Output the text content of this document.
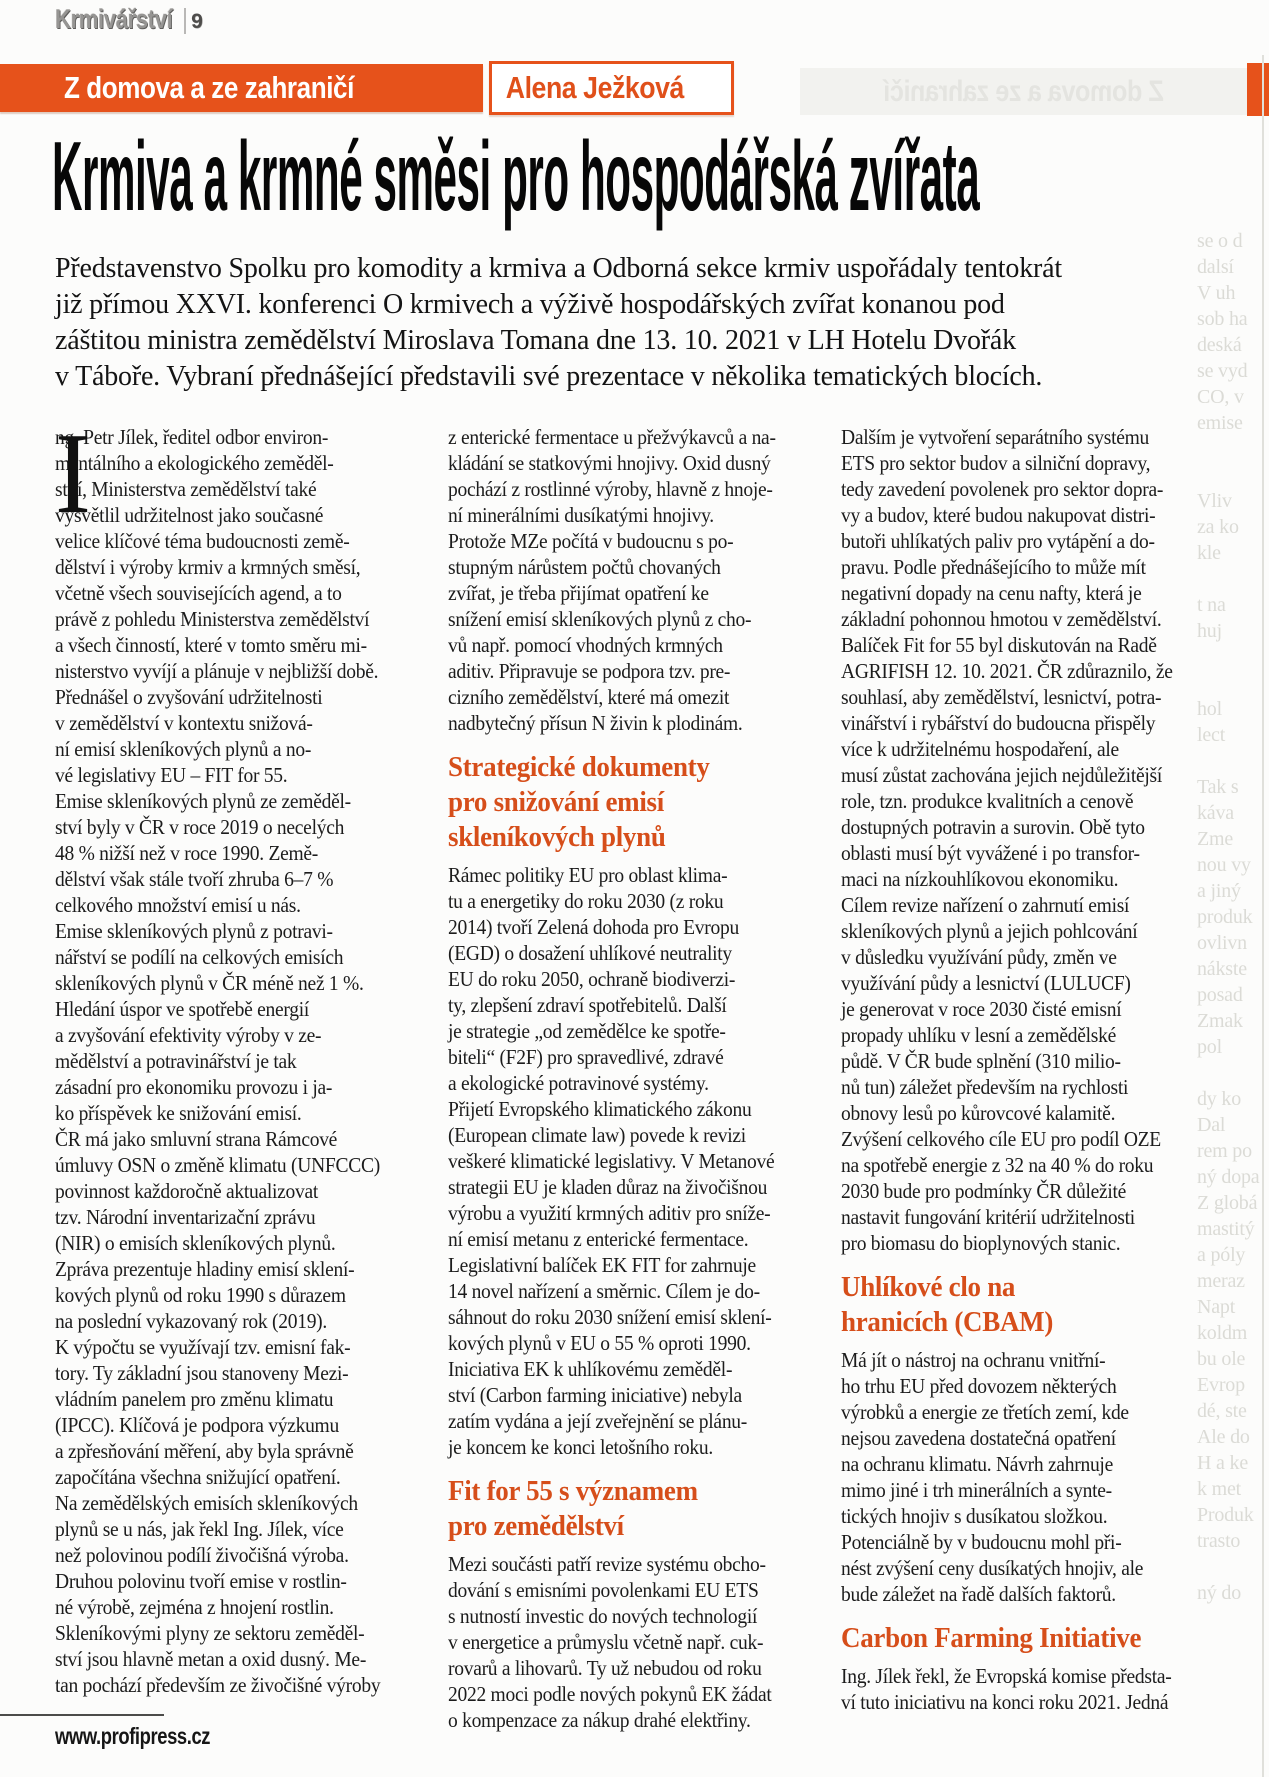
Krmivářství 9
Z domova a ze zahraničí	Alena Ježková	Z domova a ze zahraničí
Krmiva a krmné směsi pro hospodářská zvířata
Představenstvo Spolku pro komodity a krmiva a Odborná sekce krmiv uspořádaly tentokrát
již přímou XXVI. konferenci O krmivech a výživě hospodářských zvířat konanou pod
záštitou ministra zemědělství Miroslava Tomana dne 13. 10. 2021 v LH Hotelu Dvořák
v Táboře. Vybraní přednášející představili své prezentace v několika tematických blocích.
I
ng. Petr Jílek, ředitel odbor environ-
mentálního a ekologického zeměděl-
ství, Ministerstva zemědělství také
vysvětlil udržitelnost jako současné
velice klíčové téma budoucnosti země-
dělství i výroby krmiv a krmných směsí,
včetně všech souvisejících agend, a to
právě z pohledu Ministerstva zemědělství
a všech činností, které v tomto směru mi-
nisterstvo vyvíjí a plánuje v nejbližší době.
Přednášel o zvyšování udržitelnosti
v zemědělství v kontextu snižová-
ní emisí skleníkových plynů a no-
vé legislativy EU – FIT for 55.
Emise skleníkových plynů ze zeměděl-
ství byly v ČR v roce 2019 o necelých
48 % nižší než v roce 1990. Země-
dělství však stále tvoří zhruba 6–7 %
celkového množství emisí u nás.
Emise skleníkových plynů z potravi-
nářství se podílí na celkových emisích
skleníkových plynů v ČR méně než 1 %.
Hledání úspor ve spotřebě energií
a zvyšování efektivity výroby v ze-
mědělství a potravinářství je tak
zásadní pro ekonomiku provozu i ja-
ko příspěvek ke snižování emisí.
ČR má jako smluvní strana Rámcové
úmluvy OSN o změně klimatu (UNFCCC)
povinnost každoročně aktualizovat
tzv. Národní inventarizační zprávu
(NIR) o emisích skleníkových plynů.
Zpráva prezentuje hladiny emisí sklení-
kových plynů od roku 1990 s důrazem
na poslední vykazovaný rok (2019).
K výpočtu se využívají tzv. emisní fak-
tory. Ty základní jsou stanoveny Mezi-
vládním panelem pro změnu klimatu
(IPCC). Klíčová je podpora výzkumu
a zpřesňování měření, aby byla správně
započítána všechna snižující opatření.
Na zemědělských emisích skleníkových
plynů se u nás, jak řekl Ing. Jílek, více
než polovinou podílí živočišná výroba.
Druhou polovinu tvoří emise v rostlin-
né výrobě, zejména z hnojení rostlin.
Skleníkovými plyny ze sektoru zeměděl-
ství jsou hlavně metan a oxid dusný. Me-
tan pochází především ze živočišné výroby
z enterické fermentace u přežvýkavců a na-
kládání se statkovými hnojivy. Oxid dusný
pochází z rostlinné výroby, hlavně z hnoje-
ní minerálními dusíkatými hnojivy.
Protože MZe počítá v budoucnu s po-
stupným nárůstem počtů chovaných
zvířat, je třeba přijímat opatření ke
snížení emisí skleníkových plynů z cho-
vů např. pomocí vhodných krmných
aditiv. Připravuje se podpora tzv. pre-
cizního zemědělství, které má omezit
nadbytečný přísun N živin k plodinám.
Strategické dokumenty
pro snižování emisí
skleníkových plynů
Rámec politiky EU pro oblast klima-
tu a energetiky do roku 2030 (z roku
2014) tvoří Zelená dohoda pro Evropu
(EGD) o dosažení uhlíkové neutrality
EU do roku 2050, ochraně biodiverzi-
ty, zlepšení zdraví spotřebitelů. Další
je strategie „od zemědělce ke spotře-
biteli“ (F2F) pro spravedlivé, zdravé
a ekologické potravinové systémy.
Přijetí Evropského klimatického zákonu
(European climate law) povede k revizi
veškeré klimatické legislativy. V Metanové
strategii EU je kladen důraz na živočišnou
výrobu a využití krmných aditiv pro sníže-
ní emisí metanu z enterické fermentace.
Legislativní balíček EK FIT for zahrnuje
14 novel nařízení a směrnic. Cílem je do-
sáhnout do roku 2030 snížení emisí sklení-
kových plynů v EU o 55 % oproti 1990.
Iniciativa EK k uhlíkovému zeměděl-
ství (Carbon farming iniciative) nebyla
zatím vydána a její zveřejnění se plánu-
je koncem ke konci letošního roku.
Fit for 55 s významem
pro zemědělství
Mezi součásti patří revize systému obcho-
dování s emisními povolenkami EU ETS
s nutností investic do nových technologií
v energetice a průmyslu včetně např. cuk-
rovarů a lihovarů. Ty už nebudou od roku
2022 moci podle nových pokynů EK žádat
o kompenzace za nákup drahé elektřiny.
Dalším je vytvoření separátního systému
ETS pro sektor budov a silniční dopravy,
tedy zavedení povolenek pro sektor dopra-
vy a budov, které budou nakupovat distri-
butoři uhlíkatých paliv pro vytápění a do-
pravu. Podle přednášejícího to může mít
negativní dopady na cenu nafty, která je
základní pohonnou hmotou v zemědělství.
Balíček Fit for 55 byl diskutován na Radě
AGRIFISH 12. 10. 2021. ČR zdůraznilo, že
souhlasí, aby zemědělství, lesnictví, potra-
vinářství i rybářství do budoucna přispěly
více k udržitelnému hospodaření, ale
musí zůstat zachována jejich nejdůležitější
role, tzn. produkce kvalitních a cenově
dostupných potravin a surovin. Obě tyto
oblasti musí být vyvážené i po transfor-
maci na nízkouhlíkovou ekonomiku.
Cílem revize nařízení o zahrnutí emisí
skleníkových plynů a jejich pohlcování
v důsledku využívání půdy, změn ve
využívání půdy a lesnictví (LULUCF)
je generovat v roce 2030 čisté emisní
propady uhlíku v lesní a zemědělské
půdě. V ČR bude splnění (310 milio-
nů tun) záležet především na rychlosti
obnovy lesů po kůrovcové kalamitě.
Zvýšení celkového cíle EU pro podíl OZE
na spotřebě energie z 32 na 40 % do roku
2030 bude pro podmínky ČR důležité
nastavit fungování kritérií udržitelnosti
pro biomasu do bioplynových stanic.
Uhlíkové clo na
hranicích (CBAM)
Má jít o nástroj na ochranu vnitřní-
ho trhu EU před dovozem některých
výrobků a energie ze třetích zemí, kde
nejsou zavedena dostatečná opatření
na ochranu klimatu. Návrh zahrnuje
mimo jiné i trh minerálních a synte-
tických hnojiv s dusíkatou složkou.
Potenciálně by v budoucnu mohl při-
nést zvýšení ceny dusíkatých hnojiv, ale
bude záležet na řadě dalších faktorů.
Carbon Farming Initiative
Ing. Jílek řekl, že Evropská komise předsta-
ví tuto iniciativu na konci roku 2021. Jedná
se o d
dalsí
V uh
sob ha
deská
se vyd
CO, v
emise

Vliv
za ko
kle

t na
huj

hol
lect

Tak s
káva
Zme
nou vy
a jiný
produk
ovlivn
nákste
posad
Zmak
pol

dy ko
Dal
rem po
ný dopa
Z globá
mastitý
a póly
meraz
Napt
koldm
bu ole
Evrop
dé, ste
Ale do
H a ke
k met
Produk
trasto

ný do

www.profipress.cz
